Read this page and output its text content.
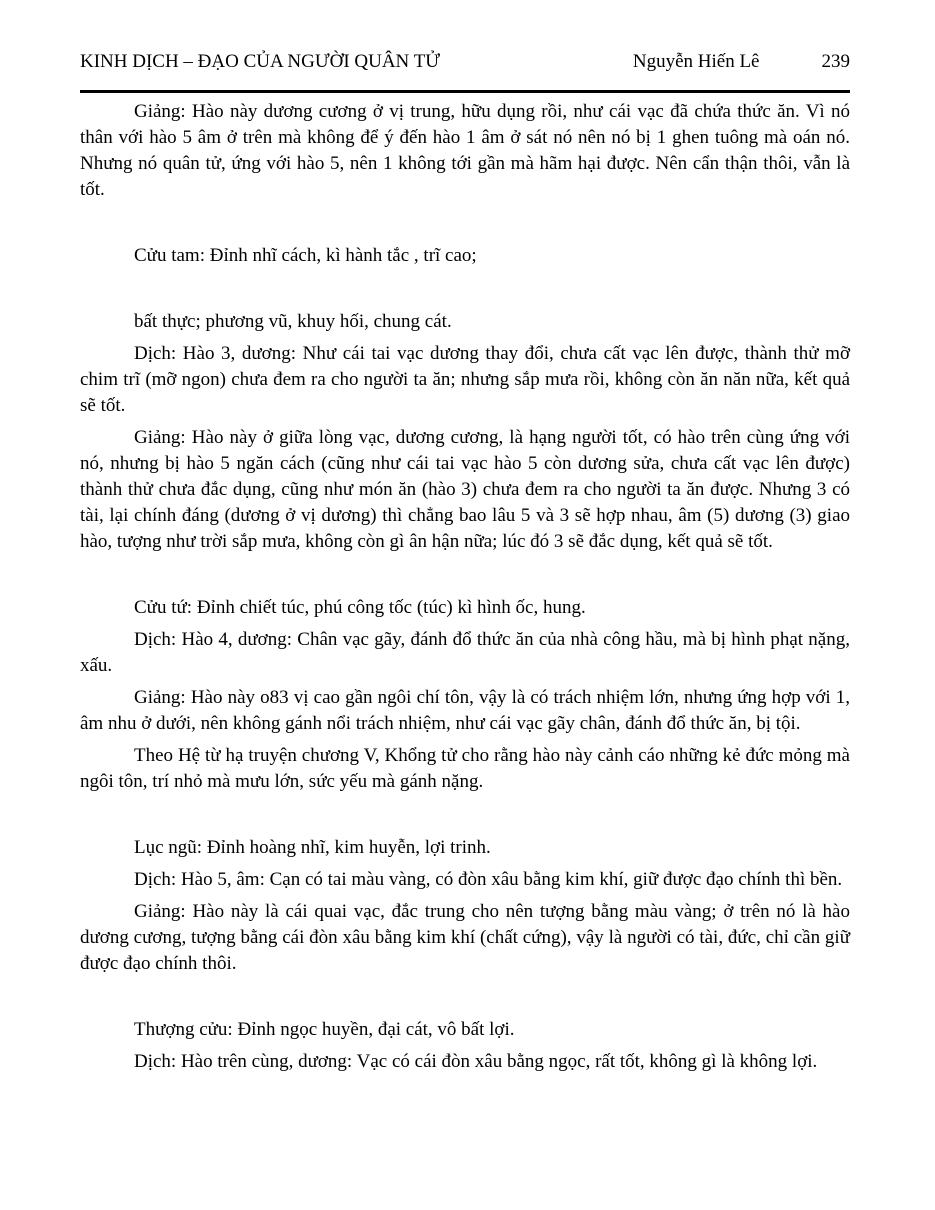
KINH DỊCH – ĐẠO CỦA NGƯỜI QUÂN TỬ	Nguyễn Hiến Lê	239

Giảng: Hào này dương cương ở vị trung, hữu dụng rồi, như cái vạc đã chứa thức ăn. Vì nó thân với hào 5 âm ở trên mà không để ý đến hào 1 âm ở sát nó nên nó bị 1 ghen tuông mà oán nó. Nhưng nó quân tử, ứng với hào 5, nên 1 không tới gần mà hãm hại được. Nên cẩn thận thôi, vẫn là tốt.

Cửu tam: Đỉnh nhĩ cách, kì hành tắc , trĩ cao;

bất thực; phương vũ, khuy hối, chung cát.

Dịch: Hào 3, dương: Như cái tai vạc dương thay đổi, chưa cất vạc lên được, thành thử mỡ chim trĩ (mỡ ngon) chưa đem ra cho người ta ăn; nhưng sắp mưa rồi, không còn ăn năn nữa, kết quả sẽ tốt.

Giảng: Hào này ở giữa lòng vạc, dương cương, là hạng người tốt, có hào trên cùng ứng với nó, nhưng bị hào 5 ngăn cách (cũng như cái tai vạc hào 5 còn dương sửa, chưa cất vạc lên được) thành thử chưa đắc dụng, cũng như món ăn (hào 3) chưa đem ra cho người ta ăn được. Nhưng 3 có tài, lại chính đáng (dương ở vị dương) thì chẳng bao lâu 5 và 3 sẽ hợp nhau, âm (5) dương (3) giao hào, tượng như trời sắp mưa, không còn gì ân hận nữa; lúc đó 3 sẽ đắc dụng, kết quả sẽ tốt.

Cửu tứ: Đỉnh chiết túc, phú công tốc (túc) kì hình ốc, hung.

Dịch: Hào 4, dương: Chân vạc gãy, đánh đổ thức ăn của nhà công hầu, mà bị hình phạt nặng, xấu.

Giảng: Hào này o83 vị cao gần ngôi chí tôn, vậy là có trách nhiệm lớn, nhưng ứng hợp với 1, âm nhu ở dưới, nên không gánh nổi trách nhiệm, như cái vạc gãy chân, đánh đổ thức ăn, bị tội.

Theo Hệ từ hạ truyện chương V, Khổng tử cho rằng hào này cảnh cáo những kẻ đức mỏng mà ngôi tôn, trí nhỏ mà mưu lớn, sức yếu mà gánh nặng.

Lục ngũ: Đỉnh hoàng nhĩ, kim huyễn, lợi trinh.

Dịch: Hào 5, âm: Cạn có tai màu vàng, có đòn xâu bằng kim khí, giữ được đạo chính thì bền.

Giảng: Hào này là cái quai vạc, đắc trung cho nên tượng bằng màu vàng; ở trên nó là hào dương cương, tượng bằng cái đòn xâu bằng kim khí (chất cứng), vậy là người có tài, đức, chỉ cần giữ được đạo chính thôi.

Thượng cửu: Đỉnh ngọc huyền, đại cát, vô bất lợi.

Dịch: Hào trên cùng, dương: Vạc có cái đòn xâu bằng ngọc, rất tốt, không gì là không lợi.
